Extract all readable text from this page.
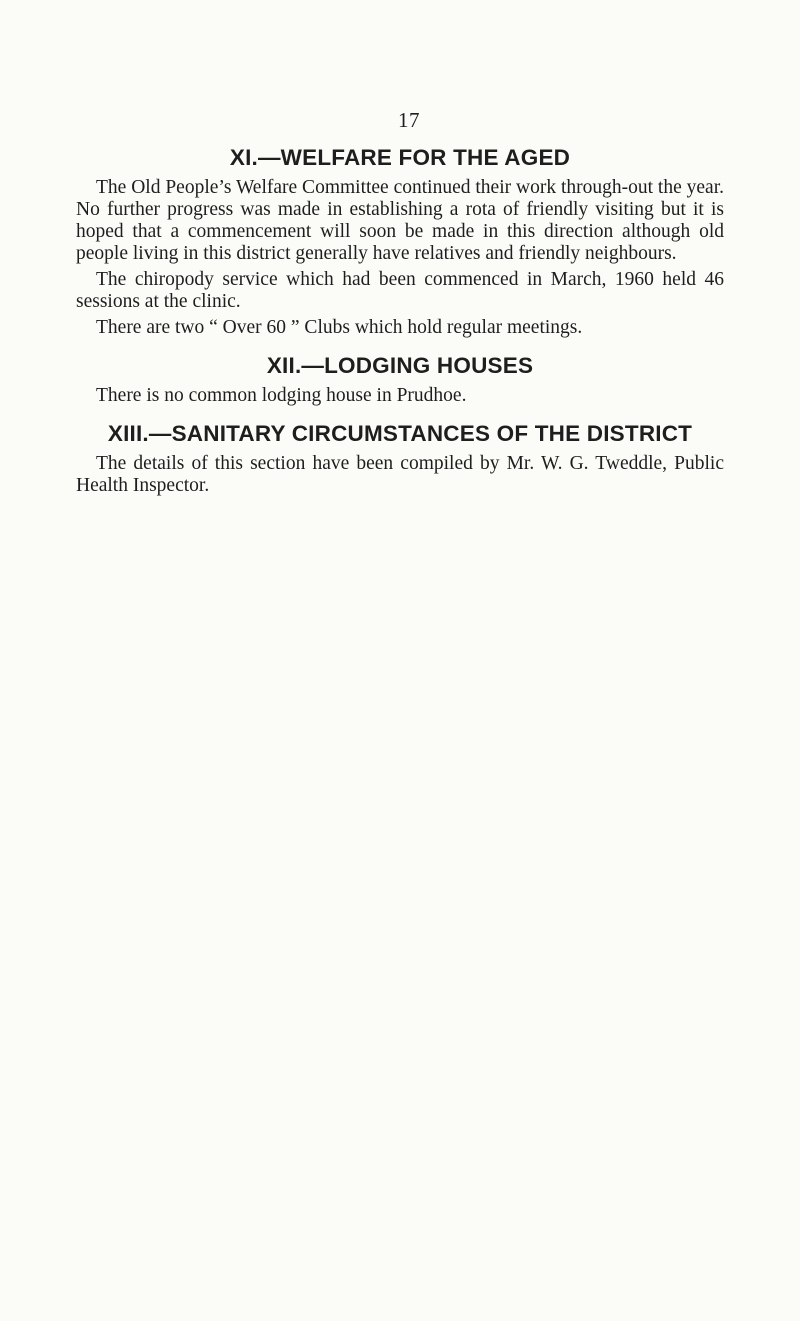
17
XI.—WELFARE FOR THE AGED

The Old People’s Welfare Committee continued their work through-out the year. No further progress was made in establishing a rota of friendly visiting but it is hoped that a commencement will soon be made in this direction although old people living in this district generally have relatives and friendly neighbours.

The chiropody service which had been commenced in March, 1960 held 46 sessions at the clinic.

There are two “ Over 60 ” Clubs which hold regular meetings.

XII.—LODGING HOUSES

There is no common lodging house in Prudhoe.

XIII.—SANITARY CIRCUMSTANCES OF THE DISTRICT

The details of this section have been compiled by Mr. W. G. Tweddle, Public Health Inspector.
